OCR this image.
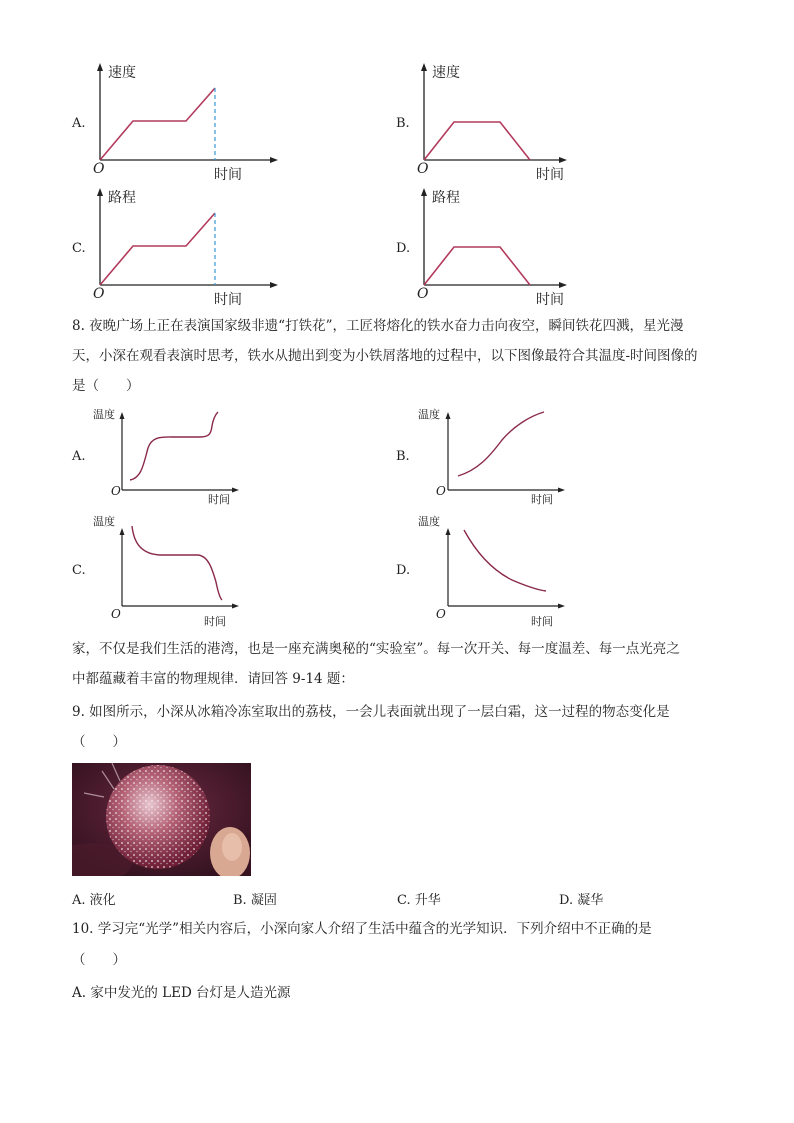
A.
速度
O	时间
B.
速度
O	时间
C.
路程
O	时间
D.
路程
O	时间
8. 夜晚广场上正在表演国家级非遗“打铁花”，工匠将熔化的铁水奋力击向夜空，瞬间铁花四溅，星光漫
天，小深在观看表演时思考，铁水从抛出到变为小铁屑落地的过程中，以下图像最符合其温度-时间图像的
是（　　）
A.
温度
O
时间
B.
温度
O
时间
C.
温度
O
时间
D.
温度
O
时间
家，不仅是我们生活的港湾，也是一座充满奥秘的“实验室”。每一次开关、每一度温差、每一点光亮之
中都蕴藏着丰富的物理规律．请回答 9-14 题：
9. 如图所示，小深从冰箱冷冻室取出的荔枝，一会儿表面就出现了一层白霜，这一过程的物态变化是
（　　）
A. 液化	B. 凝固	C. 升华	D. 凝华
10. 学习完“光学”相关内容后，小深向家人介绍了生活中蕴含的光学知识．下列介绍中不正确的是
（　　）
A. 家中发光的 LED 台灯是人造光源
